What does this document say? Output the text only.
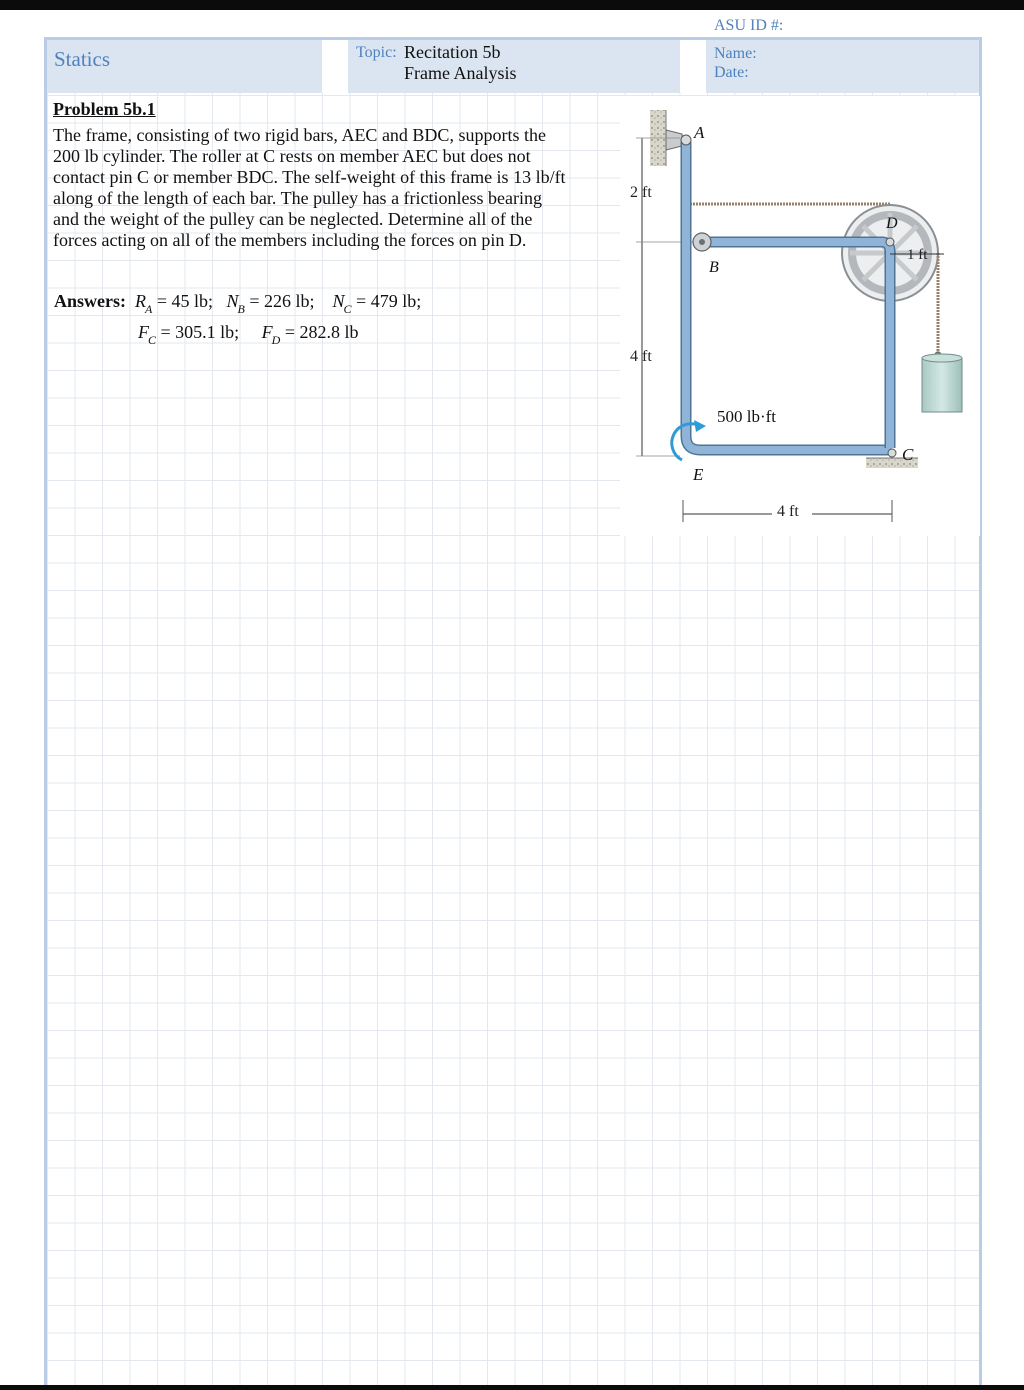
ASU ID #:
Statics	Topic: Recitation 5b
Frame Analysis
Name:
Date:
Problem 5b.1

The frame, consisting of two rigid bars, AEC and BDC, supports the

200 lb cylinder. The roller at C rests on member AEC but does not

contact pin C or member BDC. The self-weight of this frame is 13 lb/ft

along of the length of each bar. The pulley has a frictionless bearing

and the weight of the pulley can be neglected. Determine all of the

forces acting on all of the members including the forces on pin D.

Answers: $R_A = 45$ lb; $N_B = 226$ lb; $N_C = 479$ lb;
$F_C = 305.1$ lb; $F_D = 282.8$ lb
2 ft
4 ft
4 ft
1 ft
A
B
C
D
E
500 lb·ft
